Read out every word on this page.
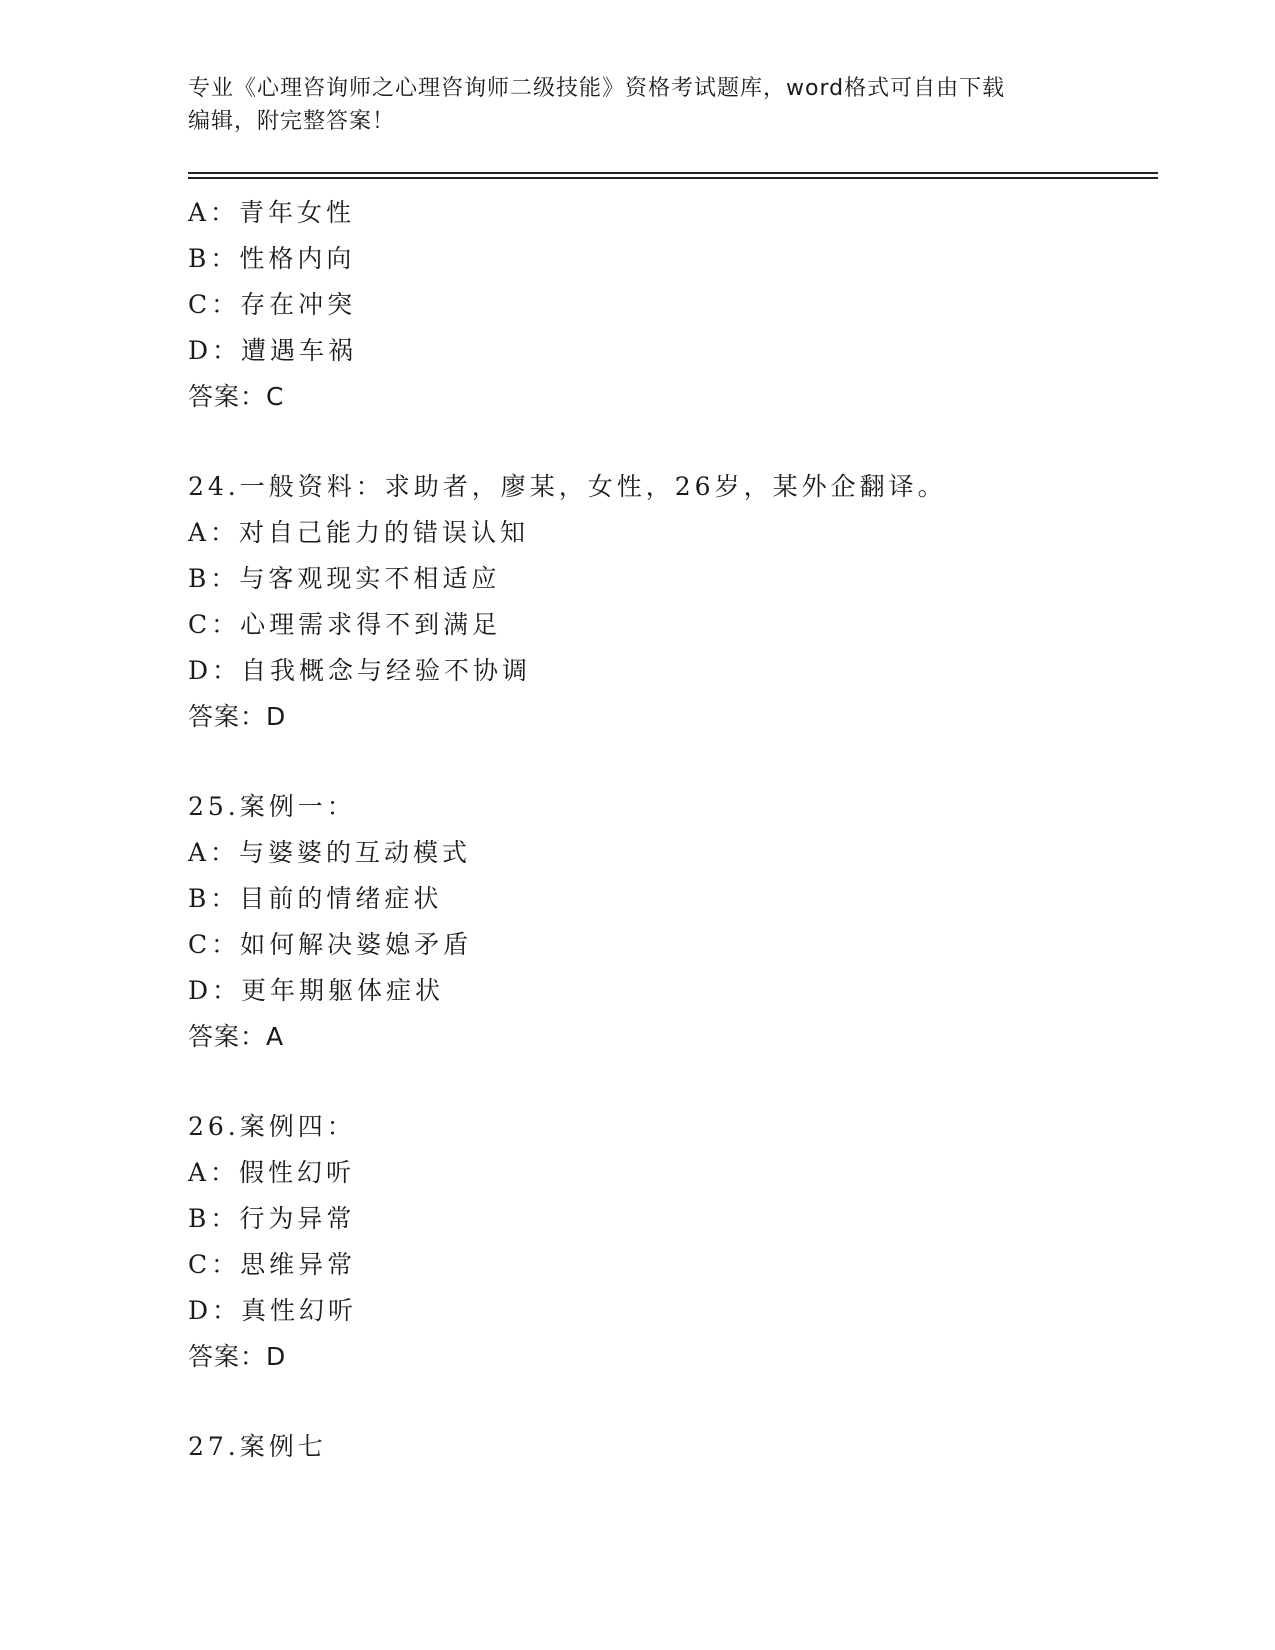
专业《心理咨询师之心理咨询师二级技能》资格考试题库，word格式可自由下载
编辑，附完整答案！
A：青年女性
B：性格内向
C：存在冲突
D：遭遇车祸
答案：C
24.一般资料：求助者，廖某，女性，26岁，某外企翻译。
A：对自己能力的错误认知
B：与客观现实不相适应
C：心理需求得不到满足
D：自我概念与经验不协调
答案：D
25.案例一：
A：与婆婆的互动模式
B：目前的情绪症状
C：如何解决婆媳矛盾
D：更年期躯体症状
答案：A
26.案例四：
A：假性幻听
B：行为异常
C：思维异常
D：真性幻听
答案：D
27.案例七
